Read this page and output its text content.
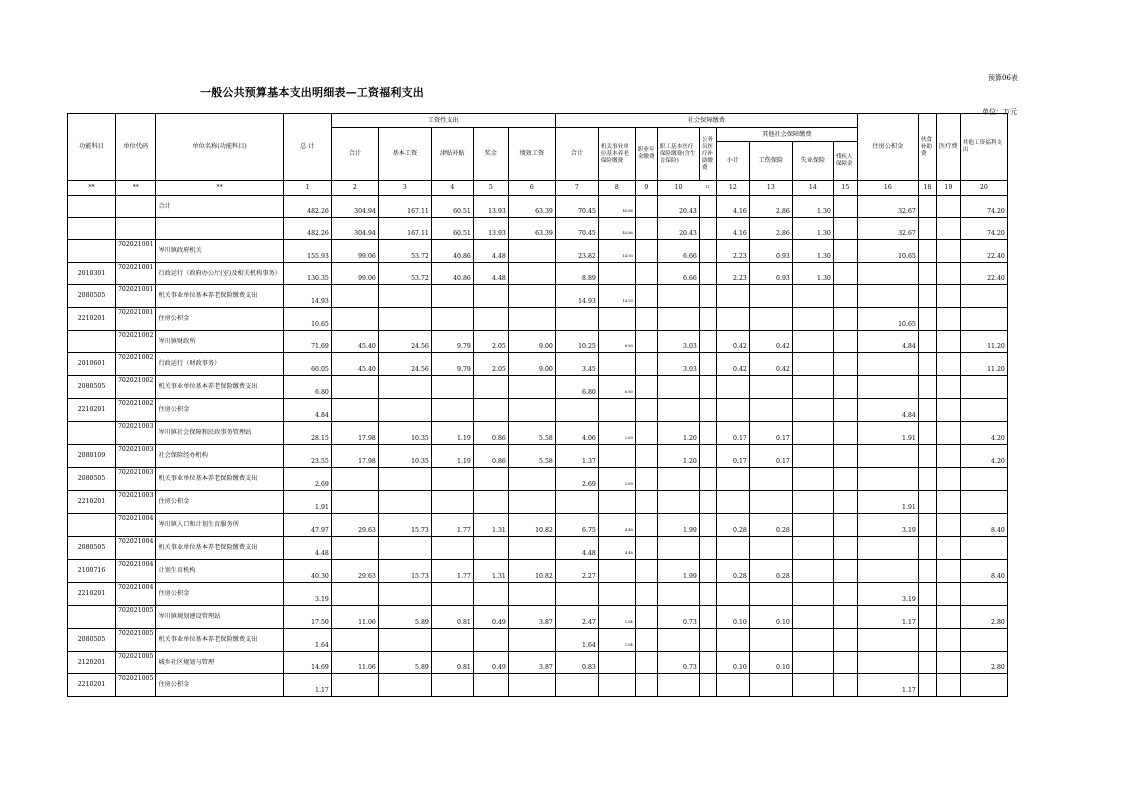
预算06表
一般公共预算基本支出明细表—工资福利支出
单位：万元
功能科目	单位代码	单位名称(功能科目)	总 计	工资性支出					社会保障缴费									住房公积金	伙食补助费	医疗费	其他工资福利支出
				合计	基本工资	津贴补贴	奖金	绩效工资	合计	机关事业单位基本养老保险缴费	职业年金缴费	职工基本医疗保险缴费(含生育保险)	公务员医疗补助缴费	其他社会保障缴费							
														小计	工伤保险	失业保险	残疾人保障金				

**	**	**	1	2	3	4	5	6	7	8	9	10	11	12	13	14	15	16	18	19	20
		合计	482.26	304.94	167.11	60.51	13.93	63.39	70.45	45.86		20.43		4.16	2.86	1.30		32.67			74.20
			482.26	304.94	167.11	60.51	13.93	63.39	70.45	45.86		20.43		4.16	2.86	1.30		32.67			74.20
	702021001	岑川镇政府机关	155.93	99.06	53.72	40.86	4.48		23.82	14.93		6.66		2.23	0.93	1.30		10.65			22.40
2010301	702021001	行政运行（政府办公厅(室)及相关机构事务）	130.35	99.06	53.72	40.86	4.48		8.89			6.66		2.23	0.93	1.30					22.40
2080505	702021001	机关事业单位基本养老保险缴费支出	14.93						14.93	14.93											
2210201	702021001	住房公积金	10.65															10.65			
	702021002	岑川镇财政所	71.69	45.40	24.56	9.79	2.05	9.00	10.25	6.80		3.03		0.42	0.42			4.84			11.20
2010601	702021002	行政运行（财政事务）	60.05	45.40	24.56	9.79	2.05	9.00	3.45			3.03		0.42	0.42						11.20
2080505	702021002	机关事业单位基本养老保险缴费支出	6.80						6.80	6.80											
2210201	702021002	住房公积金	4.84															4.84			
	702021003	岑川镇社会保障和民政事务管理站	28.15	17.98	10.35	1.19	0.86	5.58	4.06	2.69		1.20		0.17	0.17			1.91			4.20
2080109	702021003	社会保险经办机构	23.55	17.98	10.35	1.19	0.86	5.58	1.37			1.20		0.17	0.17						4.20
2080505	702021003	机关事业单位基本养老保险缴费支出	2.69						2.69	2.69											
2210201	702021003	住房公积金	1.91															1.91			
	702021004	岑川镇人口和计划生育服务所	47.97	29.63	15.73	1.77	1.31	10.82	6.75	4.48		1.99		0.28	0.28			3.19			8.40
2080505	702021004	机关事业单位基本养老保险缴费支出	4.48						4.48	4.48											
2100716	702021004	计划生育机构	40.30	29.63	15.73	1.77	1.31	10.82	2.27			1.99		0.28	0.28						8.40
2210201	702021004	住房公积金	3.19															3.19			
	702021005	岑川镇规划建设管理站	17.50	11.06	5.89	0.81	0.49	3.87	2.47	1.64		0.73		0.10	0.10			1.17			2.80
2080505	702021005	机关事业单位基本养老保险缴费支出	1.64						1.64	1.64											
2120201	702021005	城乡社区规划与管理	14.69	11.06	5.89	0.81	0.49	3.87	0.83			0.73		0.10	0.10						2.80
2210201	702021005	住房公积金	1.17															1.17			
